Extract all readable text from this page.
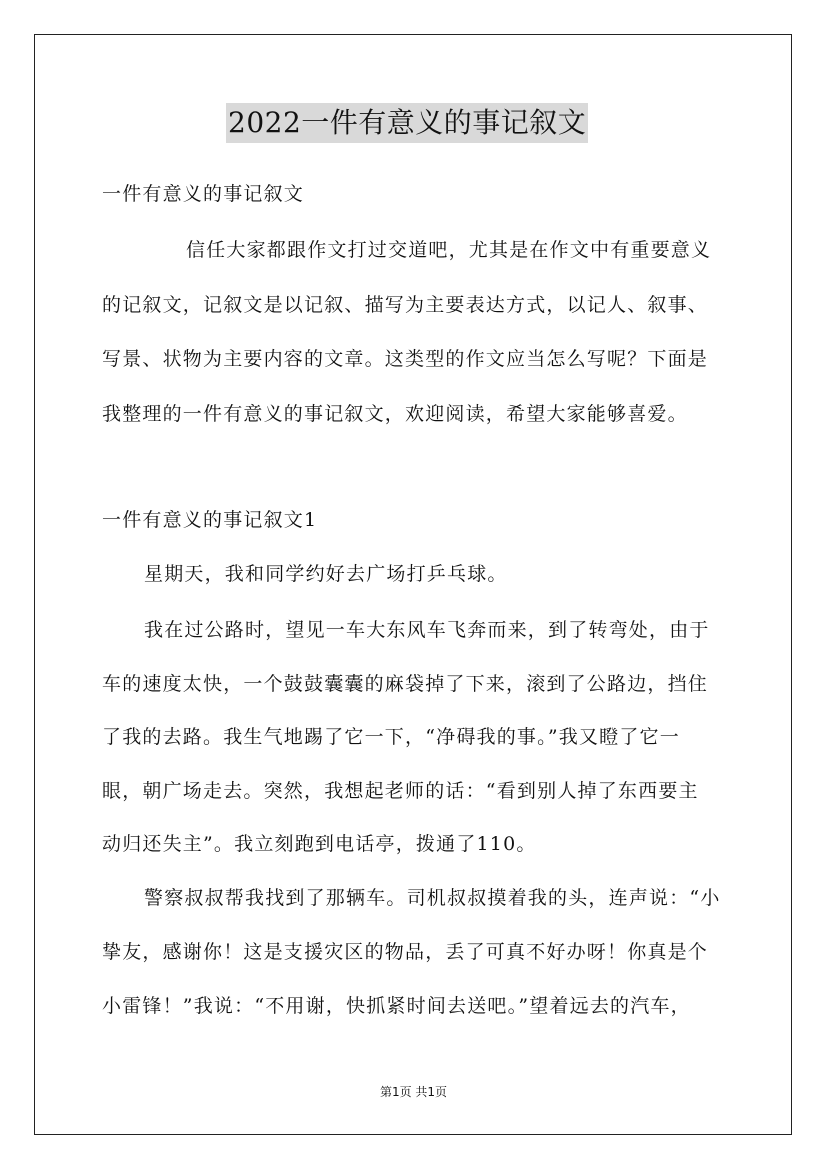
2022一件有意义的事记叙文
一件有意义的事记叙文
信任大家都跟作文打过交道吧，尤其是在作文中有重要意义
的记叙文，记叙文是以记叙、描写为主要表达方式，以记人、叙事、
写景、状物为主要内容的文章。这类型的作文应当怎么写呢？下面是
我整理的一件有意义的事记叙文，欢迎阅读，希望大家能够喜爱。
一件有意义的事记叙文1
星期天，我和同学约好去广场打乒乓球。
我在过公路时，望见一车大东风车飞奔而来，到了转弯处，由于
车的速度太快，一个鼓鼓囊囊的麻袋掉了下来，滚到了公路边，挡住
了我的去路。我生气地踢了它一下，“净碍我的事。”我又瞪了它一
眼，朝广场走去。突然，我想起老师的话：“看到别人掉了东西要主
动归还失主”。我立刻跑到电话亭，拨通了110。
警察叔叔帮我找到了那辆车。司机叔叔摸着我的头，连声说：“小
挚友，感谢你！这是支援灾区的物品，丢了可真不好办呀！你真是个
小雷锋！”我说：“不用谢，快抓紧时间去送吧。”望着远去的汽车，
第1页 共1页
